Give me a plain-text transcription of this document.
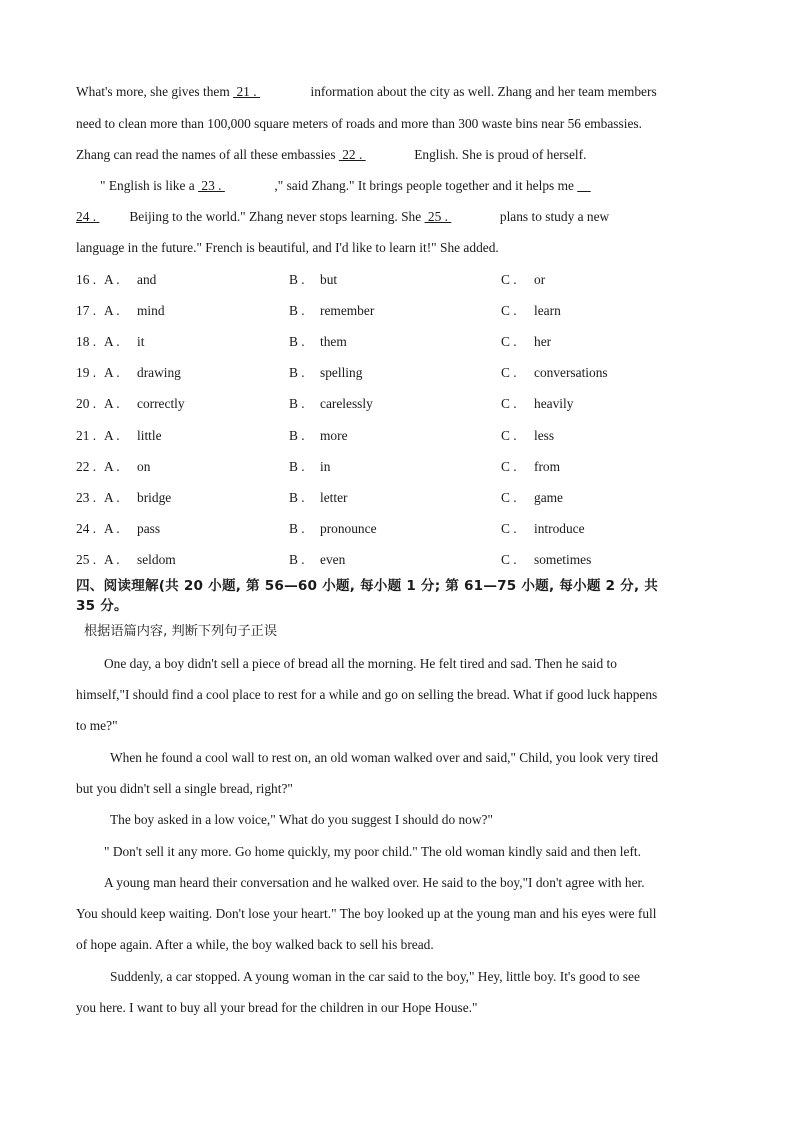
What's more, she gives them  21 .	information about the city as well. Zhang and her team members
need to clean more than 100,000 square meters of roads and more than 300 waste bins near 56 embassies.
Zhang can read the names of all these embassies  22 .	English. She is proud of herself.
" English is like a  23 .	," said Zhang." It brings people together and it helps me
24 .  Beijing to the world." Zhang never stops learning. She  25 .	plans to study a new
language in the future." French is beautiful, and I'd like to learn it!" She added.
16 . A . and	B . but	C . or
17 . A . mind	B . remember	C . learn
18 . A . it	B . them	C . her
19 . A . drawing	B . spelling	C . conversations
20 . A . correctly	B . carelessly	C . heavily
21 . A . little	B . more	C . less
22 . A . on	B . in	C . from
23 . A . bridge	B . letter	C . game
24 . A . pass	B . pronounce	C . introduce
25 . A . seldom	B . even	C . sometimes
四、阅读理解(共 20 小题, 第 56—60 小题, 每小题 1 分; 第 61—75 小题, 每小题 2 分, 共
35 分。
根据语篇内容, 判断下列句子正误
One day, a boy didn't sell a piece of bread all the morning. He felt tired and sad. Then he said to
himself,"I should find a cool place to rest for a while and go on selling the bread. What if good luck happens
to me?"
When he found a cool wall to rest on, an old woman walked over and said," Child, you look very tired
but you didn't sell a single bread, right?"
The boy asked in a low voice," What do you suggest I should do now?"
" Don't sell it any more. Go home quickly, my poor child." The old woman kindly said and then left.
A young man heard their conversation and he walked over. He said to the boy,"I don't agree with her.
You should keep waiting. Don't lose your heart." The boy looked up at the young man and his eyes were full
of hope again. After a while, the boy walked back to sell his bread.
Suddenly, a car stopped. A young woman in the car said to the boy," Hey, little boy. It's good to see
you here. I want to buy all your bread for the children in our Hope House."
